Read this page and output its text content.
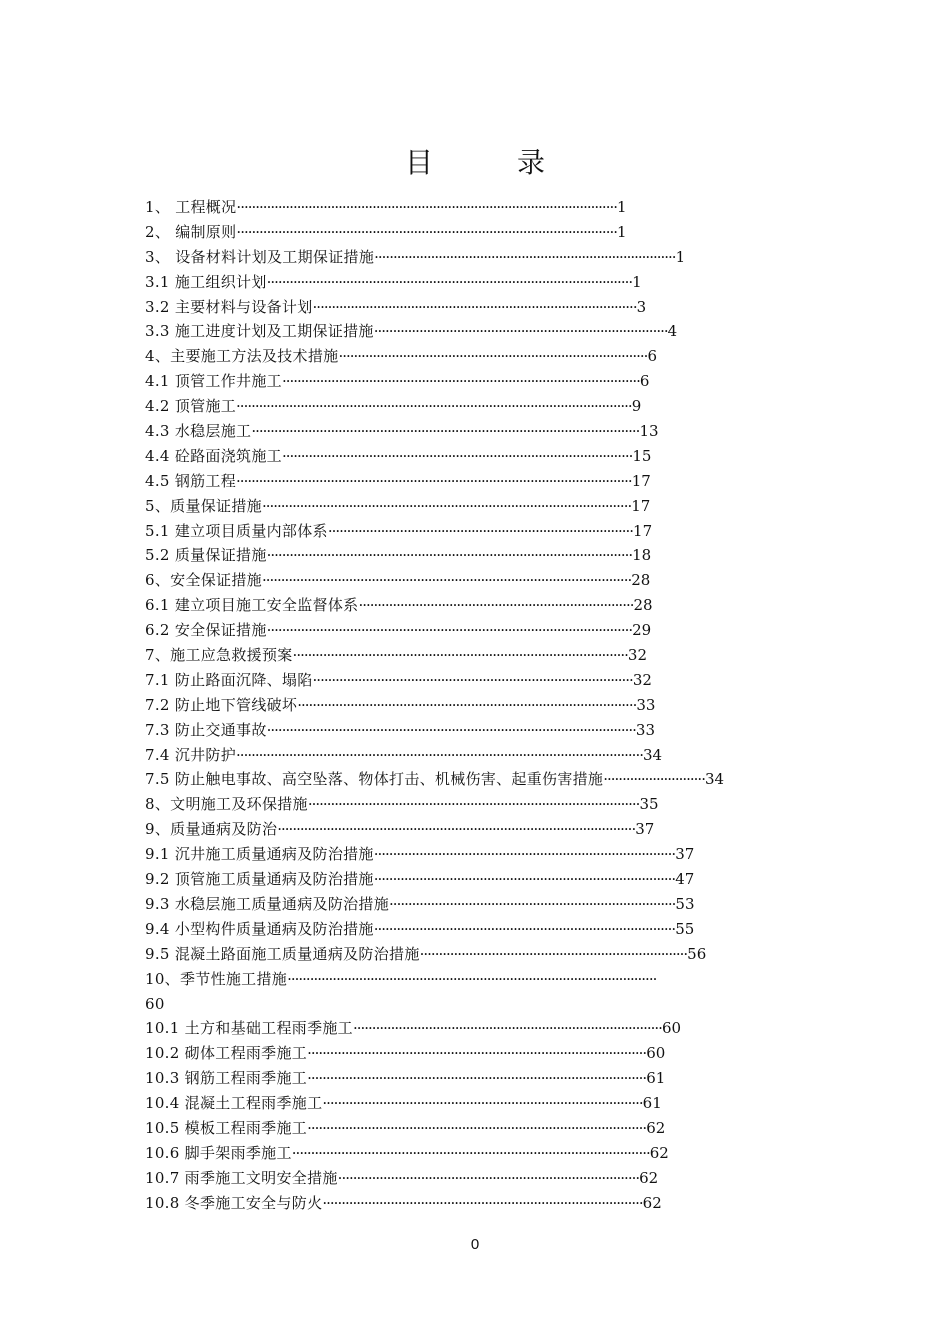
目　录
1、 工程概况·····································································································1
2、 编制原则·····································································································1
3、 设备材料计划及工期保证措施················································································1
3.1 施工组织计划·································································································1
3.2 主要材料与设备计划······················································································3
3.3 施工进度计划及工期保证措施··············································································4
4、主要施工方法及技术措施··················································································6
4.1 顶管工作井施工·······························································································6
4.2 顶管施工·········································································································9
4.3 水稳层施工·······································································································13
4.4 砼路面浇筑施工·····························································································15
4.5 钢筋工程·········································································································17
5、质量保证措施··································································································17
5.1 建立项目质量内部体系·················································································17
5.2 质量保证措施·································································································18
6、安全保证措施··································································································28
6.1 建立项目施工安全监督体系·········································································28
6.2 安全保证措施·································································································29
7、施工应急救援预案·························································································32
7.1 防止路面沉降、塌陷·····················································································32
7.2 防止地下管线破坏··························································································33
7.3 防止交通事故··································································································33
7.4 沉井防护············································································································34
7.5 防止触电事故、高空坠落、物体打击、机械伤害、起重伤害措施···························34
8、文明施工及环保措施························································································35
9、质量通病及防治·······························································································37
9.1 沉井施工质量通病及防治措施················································································37
9.2 顶管施工质量通病及防治措施················································································47
9.3 水稳层施工质量通病及防治措施············································································53
9.4 小型构件质量通病及防治措施················································································55
9.5 混凝土路面施工质量通病及防治措施·······································································56
10、季节性施工措施··································································································
60
10.1 土方和基础工程雨季施工··················································································60
10.2 砌体工程雨季施工··························································································60
10.3 钢筋工程雨季施工··························································································61
10.4 混凝土工程雨季施工·····················································································61
10.5 模板工程雨季施工··························································································62
10.6 脚手架雨季施工·······························································································62
10.7 雨季施工文明安全措施················································································62
10.8 冬季施工安全与防火·····················································································62
0
